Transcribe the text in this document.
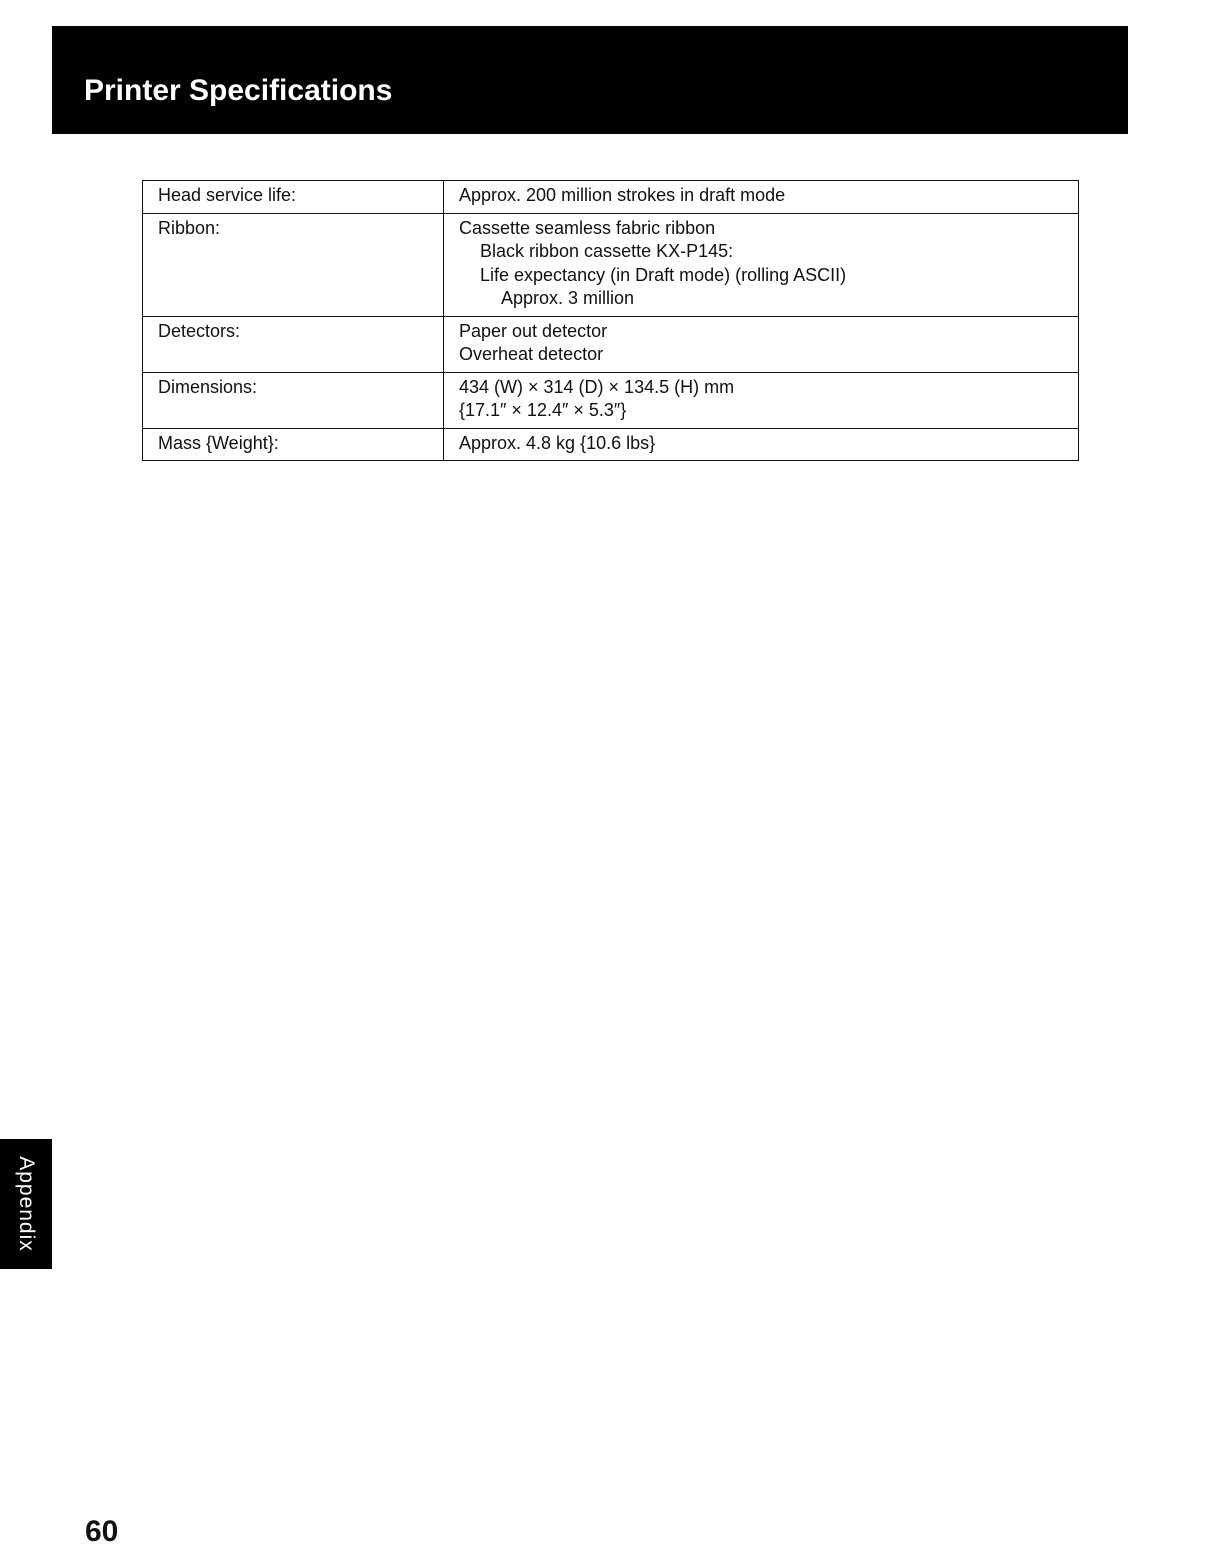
Printer Specifications
Head service life:	Approx. 200 million strokes in draft mode

Ribbon:	Cassette seamless fabric ribbon
Black ribbon cassette KX-P145:
Life expectancy (in Draft mode) (rolling ASCII)
Approx. 3 million

Detectors:	Paper out detector
Overheat detector

Dimensions:	434 (W) × 314 (D) × 134.5 (H) mm
{17.1″ × 12.4″ × 5.3″}

Mass {Weight}:	Approx. 4.8 kg {10.6 lbs}
Appendix
60
